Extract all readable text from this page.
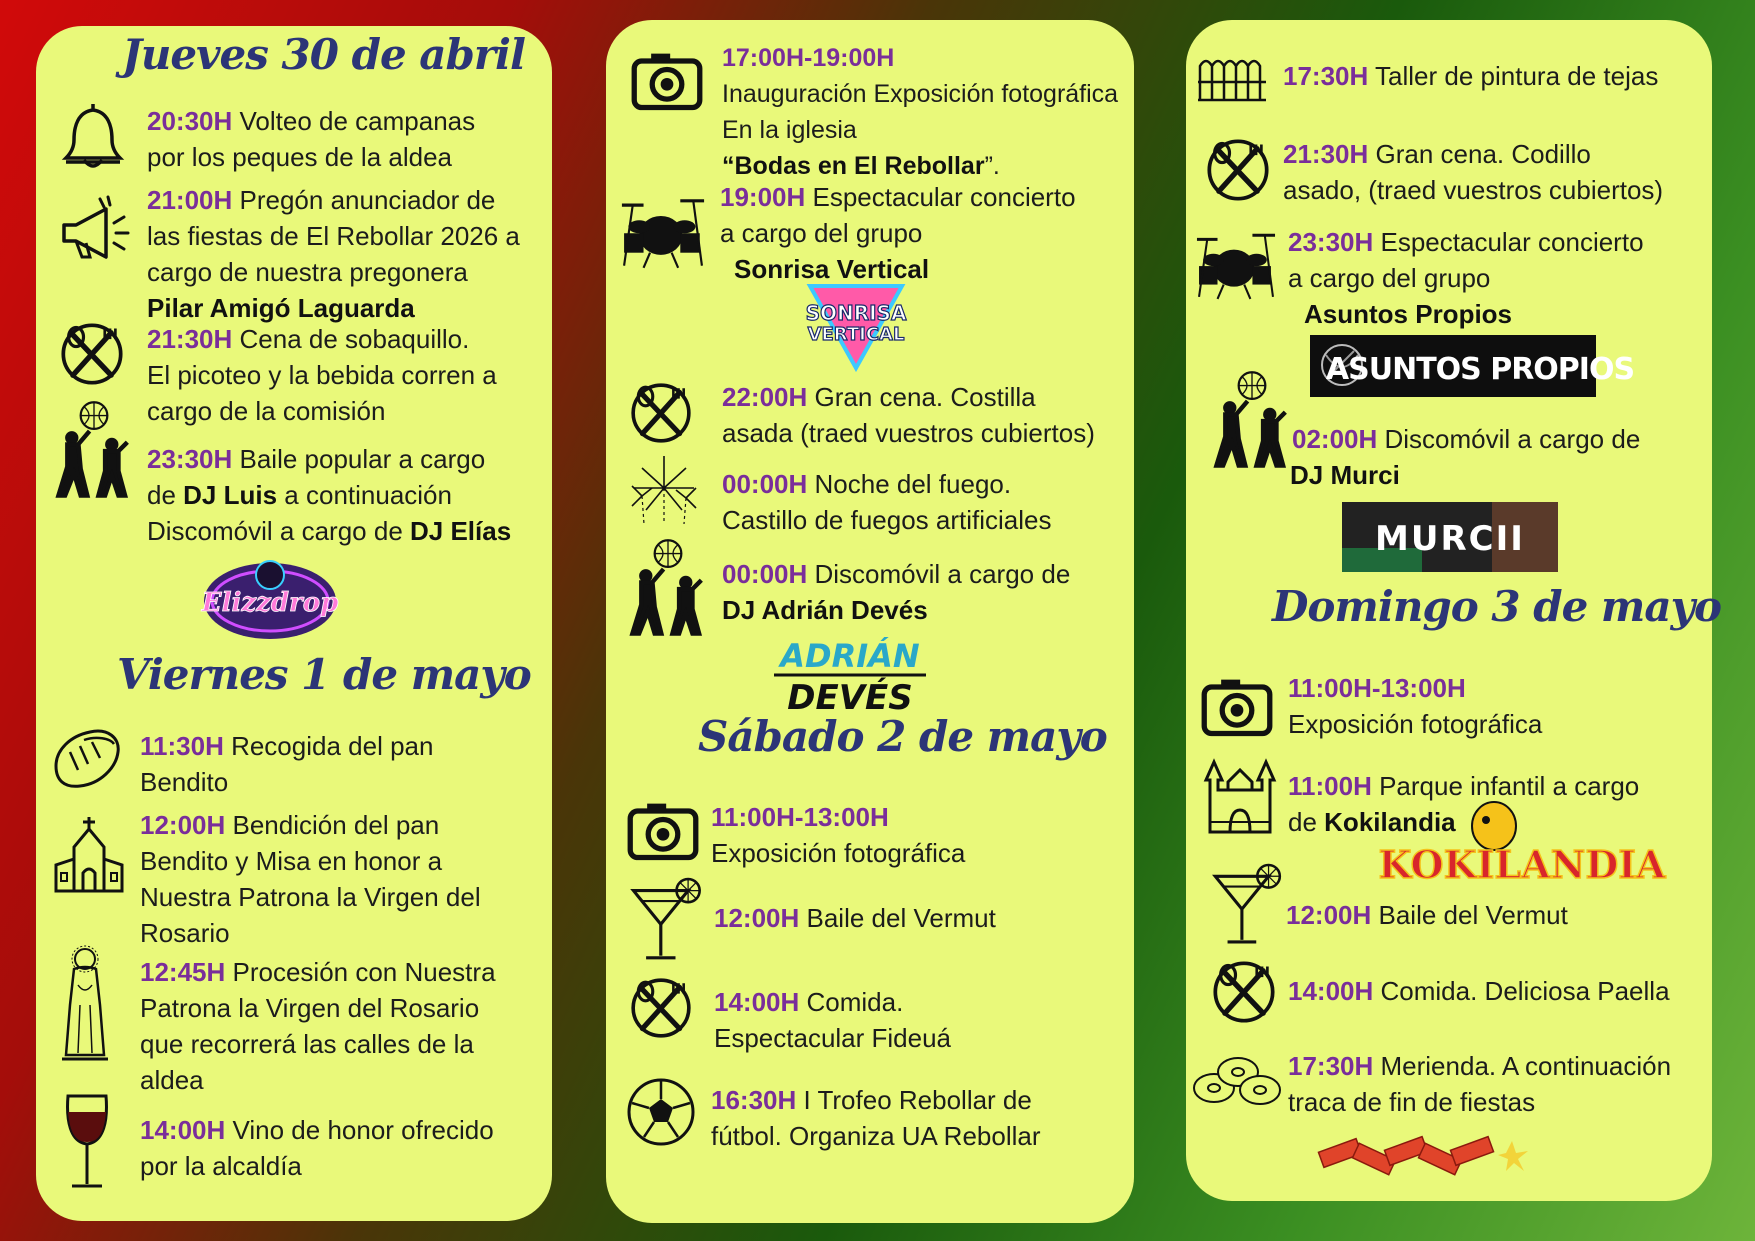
Jueves 30 de abril
20:30H Volteo de campanas
por los peques de la aldea
21:00H Pregón anunciador de
las fiestas de El Rebollar 2026 a
cargo de nuestra pregonera
Pilar Amigó Laguarda
21:30H Cena de sobaquillo.
El picoteo y la bebida corren a
cargo de la comisión
23:30H Baile popular a cargo
de DJ Luis a continuación
Discomóvil a cargo de DJ Elías
Elizzdrop
Viernes 1 de mayo
11:30H Recogida del pan
Bendito
12:00H Bendición del pan
Bendito y Misa en honor a
Nuestra Patrona la Virgen del
Rosario
12:45H Procesión con Nuestra
Patrona la Virgen del Rosario
que recorrerá las calles de la
aldea
14:00H Vino de honor ofrecido
por la alcaldía
17:00H-19:00H
Inauguración Exposición fotográfica
En la iglesia
“Bodas en El Rebollar”.
19:00H Espectacular concierto
a cargo del grupo
Sonrisa Vertical
SONRISA
VERTICAL
22:00H Gran cena. Costilla
asada (traed vuestros cubiertos)
00:00H Noche del fuego.
Castillo de fuegos artificiales
00:00H Discomóvil a cargo de
DJ Adrián Devés
ADRIÁN
DEVÉS
Sábado 2 de mayo
11:00H-13:00H
Exposición fotográfica
12:00H Baile del Vermut
14:00H Comida.
Espectacular Fideuá
16:30H I Trofeo Rebollar de
fútbol. Organiza UA Rebollar
17:30H Taller de pintura de tejas
21:30H Gran cena. Codillo
asado, (traed vuestros cubiertos)
23:30H Espectacular concierto
a cargo del grupo
Asuntos Propios
ASUNTOS PROPIOS
02:00H Discomóvil a cargo de
DJ Murci
MURCII
Domingo 3 de mayo
11:00H-13:00H
Exposición fotográfica
11:00H Parque infantil a cargo
de Kokilandia
KOKILANDIA
12:00H Baile del Vermut
14:00H Comida. Deliciosa Paella
17:30H Merienda. A continuación
traca de fin de fiestas
